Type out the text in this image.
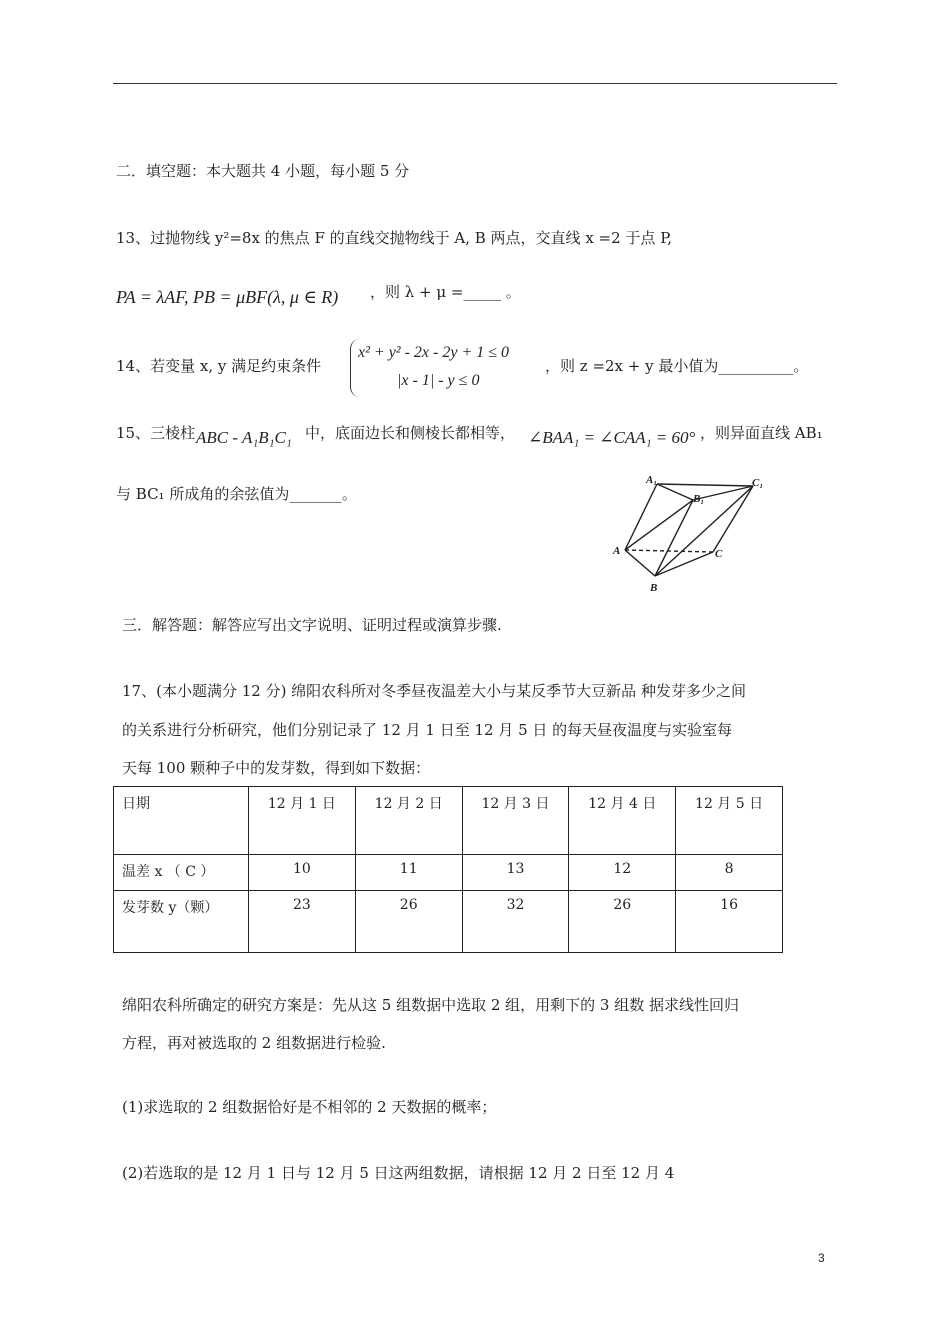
二．填空题：本大题共 4 小题，每小题 5 分
13、过抛物线 y²=8x 的焦点 F 的直线交抛物线于 A, B 两点，交直线 x =2 于点 P,
PA = λAF, PB = μBF(λ, μ ∈ R) ，则 λ + μ =_____ 。
14、若变量 x, y 满足约束条件
x² + y² - 2x - 2y + 1 ≤ 0
|x - 1| - y ≤ 0
，则 z =2x + y 最小值为__________。
15、三棱柱 ABC - A₁B₁C₁ 中，底面边长和侧棱长都相等， ∠BAA₁ = ∠CAA₁ = 60° ，则异面直线 AB₁
与 BC₁ 所成角的余弦值为_______。
A₁
B₁
C₁
A	C
B
三．解答题：解答应写出文字说明、证明过程或演算步骤.
17、(本小题满分 12 分) 绵阳农科所对冬季昼夜温差大小与某反季节大豆新品 种发芽多少之间
的关系进行分析研究，他们分别记录了 12 月 1 日至 12 月 5 日 的每天昼夜温度与实验室每
天每 100 颗种子中的发芽数，得到如下数据：
日期	12 月 1 日	12 月 2 日	12 月 3 日	12 月 4 日	12 月 5 日
温差 x （ C ）	10	11	13	12	8
发芽数 y（颗）	23	26	32	26	16
绵阳农科所确定的研究方案是：先从这 5 组数据中选取 2 组，用剩下的 3 组数 据求线性回归
方程，再对被选取的 2 组数据进行检验.
(1)求选取的 2 组数据恰好是不相邻的 2 天数据的概率；
(2)若选取的是 12 月 1 日与 12 月 5 日这两组数据，请根据 12 月 2 日至 12 月 4
3
